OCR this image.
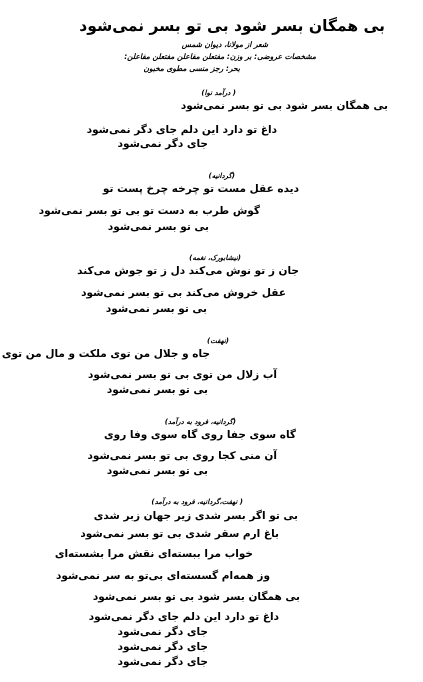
بی همگان بسر شود بی تو بسر نمی‌شود
شعر از مولانا، دیوان شمس
مشخصات عروضی: بر وزن: مفتعلن مفاعلن مفتعلن مفاعلن:
بحر: رجز منسی مطوی مخبون
( درآمد نوا)
بی همگان بسر شود بی تو بسر نمی‌شود
داغ تو دارد این دلم جای دگر نمی‌شود
جای دگر نمی‌شود
(گردانیه)
دیده عقل مست تو چرخه چرخ پست تو
گوش طرب به دست تو بی تو بسر نمی‌شود
بی تو بسر نمی‌شود
(نیشابورک، نغمه)
جان ز تو نوش می‌کند دل ز تو جوش می‌کند
عقل خروش می‌کند بی تو بسر نمی‌شود
بی تو بسر نمی‌شود
(نهفت)
جاه و جلال من توی ملکت و مال من توی
آب زلال من توی بی تو بسر نمی‌شود
بی تو بسر نمی‌شود
(گردانیه، فرود به درآمد)
گاه سوی جفا روی گاه سوی وفا روی
آن منی کجا روی بی تو بسر نمی‌شود
بی تو بسر نمی‌شود
( نهفت،گردانیه، فرود به درآمد)
بی تو اگر بسر شدی زیر جهان زبر شدی
باغ ارم سقر شدی بی تو بسر نمی‌شود
خواب مرا ببسته‌ای نقش مرا بشسته‌ای
وز همه‌ام گسسته‌ای بی‌تو به سر نمی‌شود
بی همگان بسر شود بی تو بسر نمی‌شود
داغ تو دارد این دلم جای دگر نمی‌شود
جای دگر نمی‌شود
جای دگر نمی‌شود
جای دگر نمی‌شود
